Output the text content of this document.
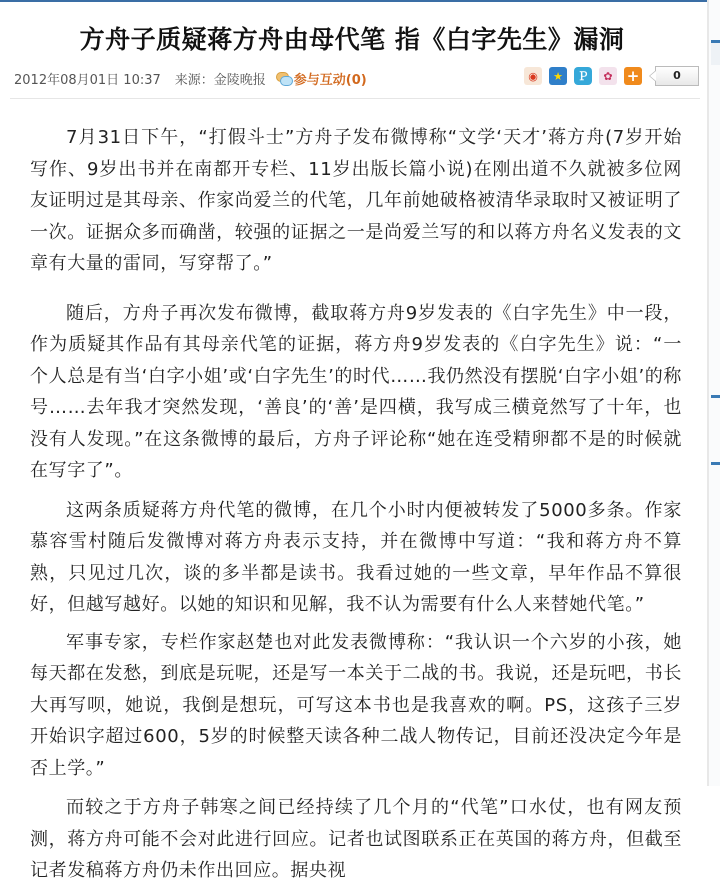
方舟子质疑蒋方舟由母代笔 指《白字先生》漏洞
2012年08月01日 10:37 来源：金陵晚报 参与互动(0)	◉	★	Ｐ	✿ +	0

7月31日下午，“打假斗士”方舟子发布微博称“文学‘天才’蒋方舟(7岁开始写作、9岁出书并在南都开专栏、11岁出版长篇小说)在刚出道不久就被多位网友证明过是其母亲、作家尚爱兰的代笔，几年前她破格被清华录取时又被证明了一次。证据众多而确凿，较强的证据之一是尚爱兰写的和以蒋方舟名义发表的文章有大量的雷同，写穿帮了。”

随后，方舟子再次发布微博，截取蒋方舟9岁发表的《白字先生》中一段，作为质疑其作品有其母亲代笔的证据，蒋方舟9岁发表的《白字先生》说：“一个人总是有当‘白字小姐’或‘白字先生’的时代……我仍然没有摆脱‘白字小姐’的称号……去年我才突然发现，‘善良’的‘善’是四横，我写成三横竟然写了十年，也没有人发现。”在这条微博的最后，方舟子评论称“她在连受精卵都不是的时候就在写字了”。

这两条质疑蒋方舟代笔的微博，在几个小时内便被转发了5000多条。作家慕容雪村随后发微博对蒋方舟表示支持，并在微博中写道：“我和蒋方舟不算熟，只见过几次，谈的多半都是读书。我看过她的一些文章，早年作品不算很好，但越写越好。以她的知识和见解，我不认为需要有什么人来替她代笔。”

军事专家，专栏作家赵楚也对此发表微博称：“我认识一个六岁的小孩，她每天都在发愁，到底是玩呢，还是写一本关于二战的书。我说，还是玩吧，书长大再写呗，她说，我倒是想玩，可写这本书也是我喜欢的啊。PS，这孩子三岁开始识字超过600，5岁的时候整天读各种二战人物传记，目前还没决定今年是否上学。”

而较之于方舟子韩寒之间已经持续了几个月的“代笔”口水仗，也有网友预测，蒋方舟可能不会对此进行回应。记者也试图联系正在英国的蒋方舟，但截至记者发稿蒋方舟仍未作出回应。据央视
